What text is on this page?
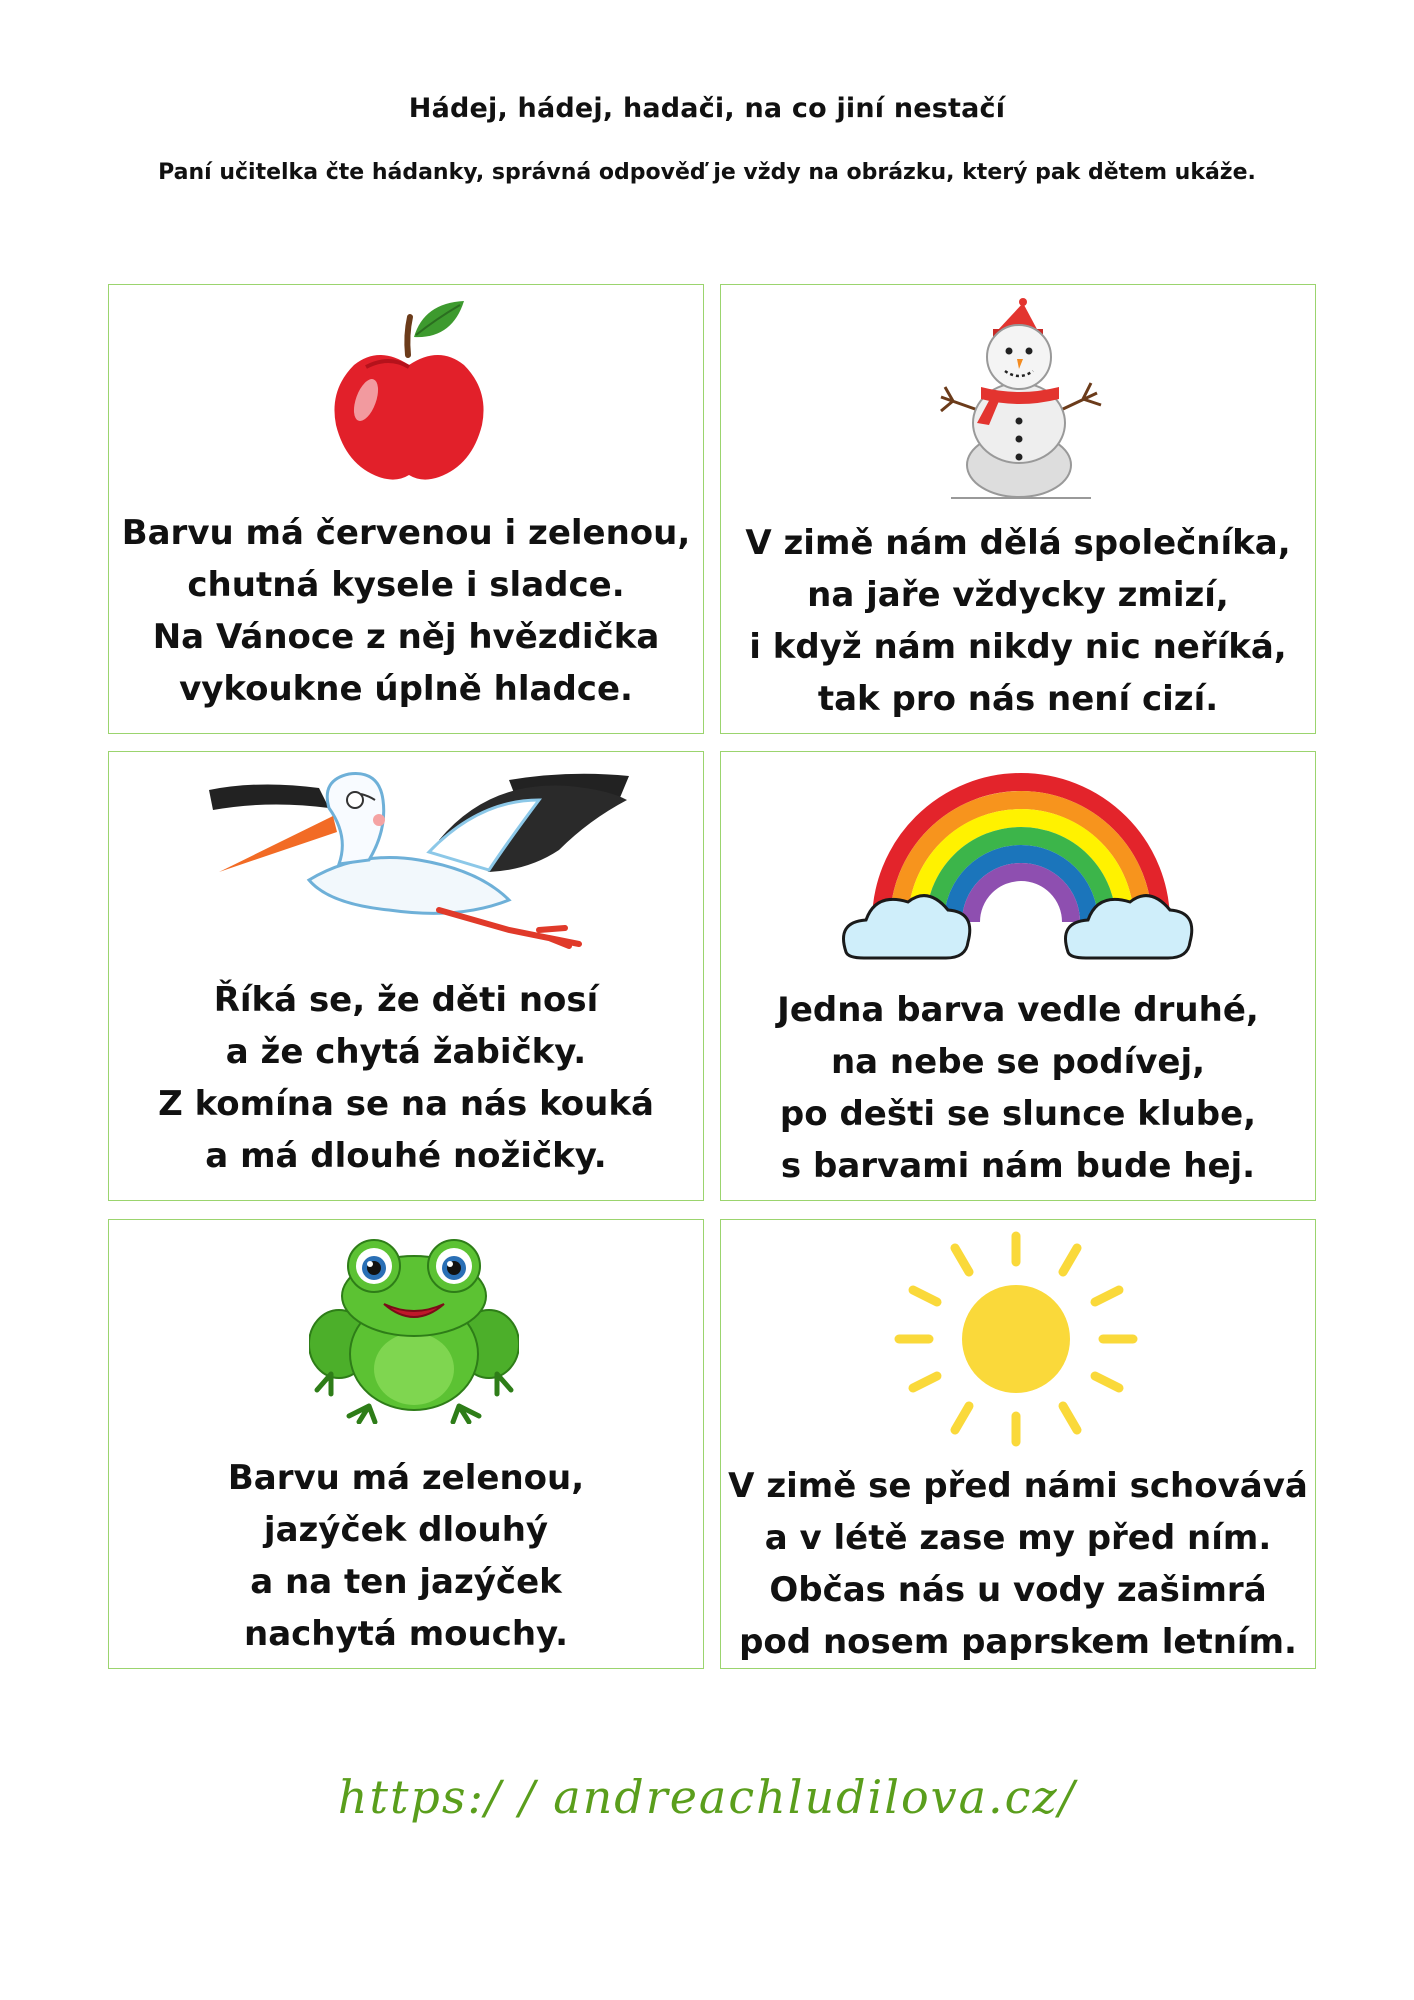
Hádej, hádej, hadači, na co jiní nestačí
Paní učitelka čte hádanky, správná odpověď je vždy na obrázku, který pak dětem ukáže.
Barvu má červenou i zelenou,
chutná kysele i sladce.
Na Vánoce z něj hvězdička
vykoukne úplně hladce.
V zimě nám dělá společníka,
na jaře vždycky zmizí,
i když nám nikdy nic neříká,
tak pro nás není cizí.
Říká se, že děti nosí
a že chytá žabičky.
Z komína se na nás kouká
a má dlouhé nožičky.
Jedna barva vedle druhé,
na nebe se podívej,
po dešti se slunce klube,
s barvami nám bude hej.
Barvu má zelenou,
jazýček dlouhý
a na ten jazýček
nachytá mouchy.
V zimě se před námi schovává
a v létě zase my před ním.
Občas nás u vody zašimrá
pod nosem paprskem letním.
https:/ / andreachludilova.cz/
